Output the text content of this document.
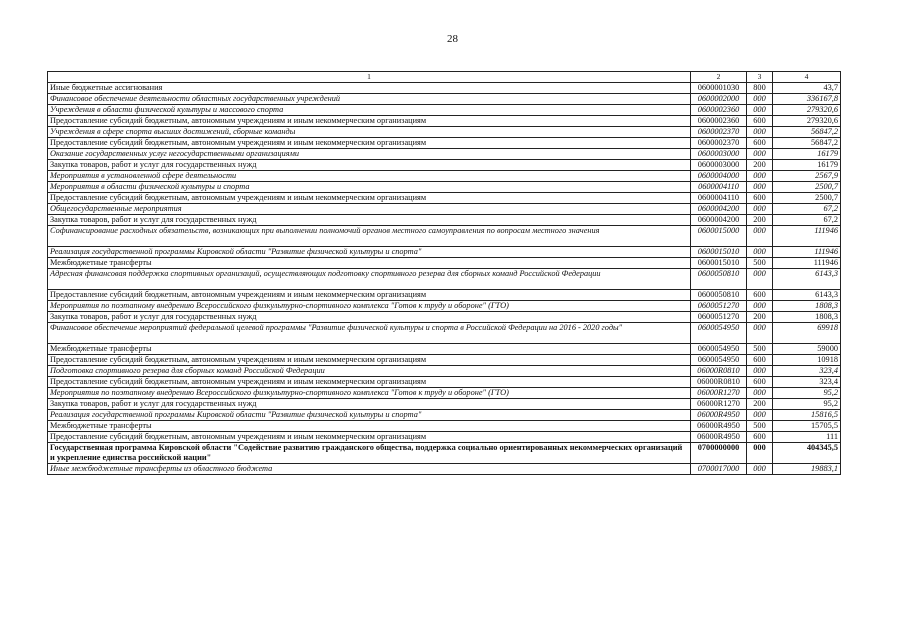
28
1	2	3	4
Иные бюджетные ассигнования	0600001030	800	43,7
Финансовое обеспечение деятельности областных государственных учреждений	0600002000	000	336167,8
Учреждения в области физической культуры и массового спорта	0600002360	000	279320,6
Предоставление субсидий бюджетным, автономным учреждениям и иным некоммерческим организациям	0600002360	600	279320,6
Учреждения в сфере спорта высших достижений, сборные команды	0600002370	000	56847,2
Предоставление субсидий бюджетным, автономным учреждениям и иным некоммерческим организациям	0600002370	600	56847,2
Оказание государственных услуг негосударственными организациями	0600003000	000	16179
Закупка товаров, работ и услуг для государственных нужд	0600003000	200	16179
Мероприятия в установленной сфере деятельности	0600004000	000	2567,9
Мероприятия в области физической культуры и спорта	0600004110	000	2500,7
Предоставление субсидий бюджетным, автономным учреждениям и иным некоммерческим организациям	0600004110	600	2500,7
Общегосударственные мероприятия	0600004200	000	67,2
Закупка товаров, работ и услуг для государственных нужд	0600004200	200	67,2
Софинансирование расходных обязательств, возникающих при выполнении полномочий органов местного самоуправления по вопросам местного значения	0600015000	000	111946
Реализация государственной программы Кировской области "Развитие физической культуры и спорта"	0600015010	000	111946
Межбюджетные трансферты	0600015010	500	111946
Адресная финансовая поддержка спортивных организаций, осуществляющих подготовку спортивного резерва для сборных команд Российской Федерации	0600050810	000	6143,3
Предоставление субсидий бюджетным, автономным учреждениям и иным некоммерческим организациям	0600050810	600	6143,3
Мероприятия по поэтапному внедрению Всероссийского физкультурно-спортивного комплекса "Готов к труду и обороне" (ГТО)	0600051270	000	1808,3
Закупка товаров, работ и услуг для государственных нужд	0600051270	200	1808,3
Финансовое обеспечение мероприятий федеральной целевой программы "Развитие физической культуры и спорта в Российской Федерации на 2016 - 2020 годы"	0600054950	000	69918
Межбюджетные трансферты	0600054950	500	59000
Предоставление субсидий бюджетным, автономным учреждениям и иным некоммерческим организациям	0600054950	600	10918
Подготовка спортивного резерва для сборных команд Российской Федерации	06000R0810	000	323,4
Предоставление субсидий бюджетным, автономным учреждениям и иным некоммерческим организациям	06000R0810	600	323,4
Мероприятия по поэтапному внедрению Всероссийского физкультурно-спортивного комплекса "Готов к труду и обороне" (ГТО)	06000R1270	000	95,2
Закупка товаров, работ и услуг для государственных нужд	06000R1270	200	95,2
Реализация государственной программы Кировской области "Развитие физической культуры и спорта"	06000R4950	000	15816,5
Межбюджетные трансферты	06000R4950	500	15705,5
Предоставление субсидий бюджетным, автономным учреждениям и иным некоммерческим организациям	06000R4950	600	111
Государственная программа Кировской области "Содействие развитию гражданского общества, поддержка социально ориентированных некоммерческих организаций и укрепление единства российской нации"	0700000000	000	404345,5
Иные межбюджетные трансферты из областного бюджета	0700017000	000	19883,1
